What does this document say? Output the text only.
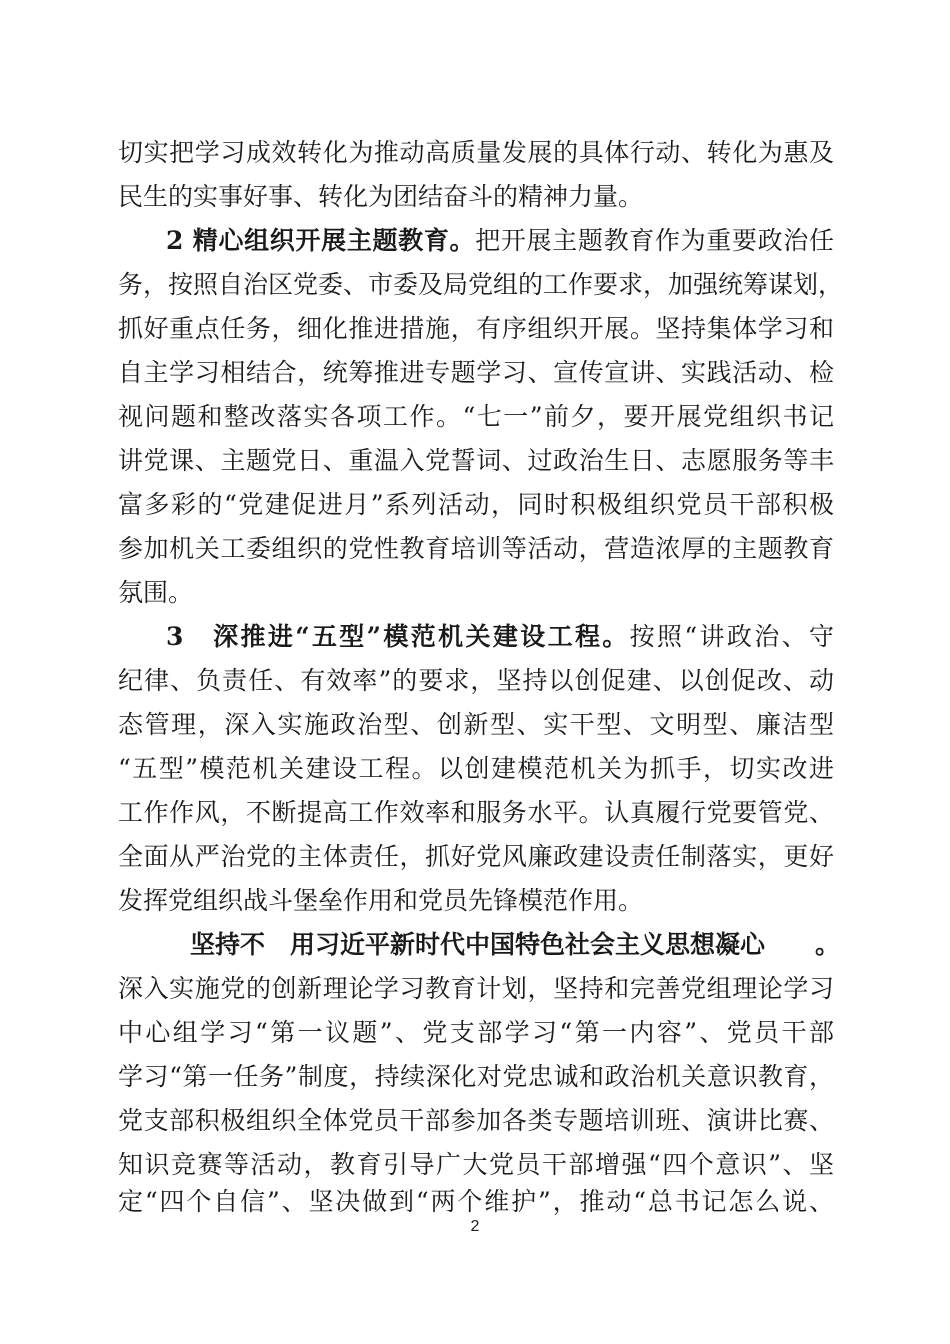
切实把学习成效转化为推动高质量发展的具体行动、转化为惠及
民生的实事好事、转化为团结奋斗的精神力量。
2 精心组织开展主题教育。把开展主题教育作为重要政治任
务，按照自治区党委、市委及局党组的工作要求，加强统筹谋划，
抓好重点任务，细化推进措施，有序组织开展。坚持集体学习和
自主学习相结合，统筹推进专题学习、宣传宣讲、实践活动、检
视问题和整改落实各项工作。“七一”前夕，要开展党组织书记
讲党课、主题党日、重温入党誓词、过政治生日、志愿服务等丰
富多彩的“党建促进月”系列活动，同时积极组织党员干部积极
参加机关工委组织的党性教育培训等活动，营造浓厚的主题教育
氛围。
3　深推进“五型”模范机关建设工程。按照“讲政治、守
纪律、负责任、有效率”的要求，坚持以创促建、以创促改、动
态管理，深入实施政治型、创新型、实干型、文明型、廉洁型
“五型”模范机关建设工程。以创建模范机关为抓手，切实改进
工作作风，不断提高工作效率和服务水平。认真履行党要管党、
全面从严治党的主体责任，抓好党风廉政建设责任制落实，更好
发挥党组织战斗堡垒作用和党员先锋模范作用。
坚持不　用习近平新时代中国特色社会主义思想凝心　　。
深入实施党的创新理论学习教育计划，坚持和完善党组理论学习
中心组学习“第一议题”、党支部学习“第一内容”、党员干部
学习“第一任务”制度，持续深化对党忠诚和政治机关意识教育，
党支部积极组织全体党员干部参加各类专题培训班、演讲比赛、
知识竞赛等活动，教育引导广大党员干部增强“四个意识”、坚
定“四个自信”、坚决做到“两个维护”，推动“总书记怎么说、
2
